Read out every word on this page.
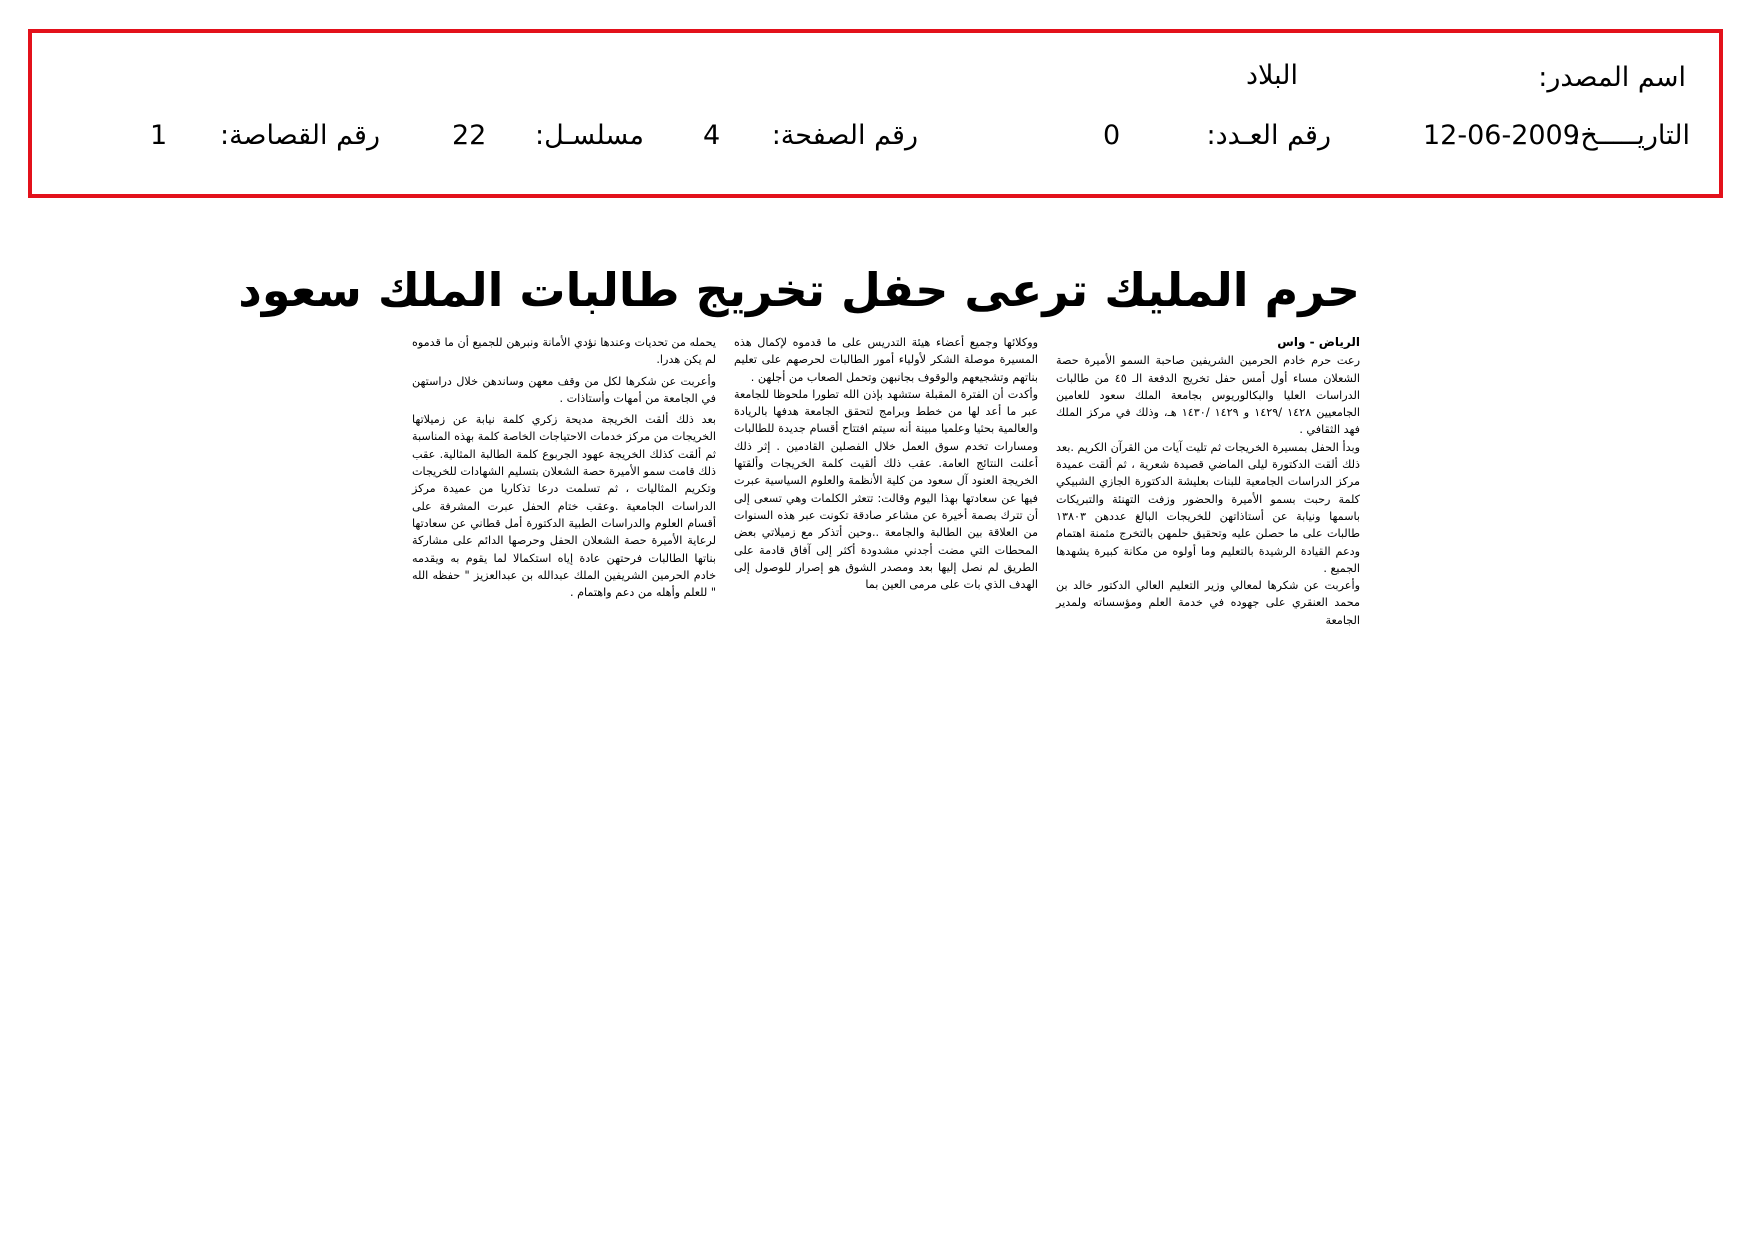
اسم المصدر:
البلاد
التاريـــــخ:
12-06-2009
رقم العـدد:
0
رقم الصفحة:
4
مسلسـل:
22
رقم القصاصة:
1
حرم المليك ترعى حفل تخريج طالبات الملك سعود

الرياض - واس

رعت حرم خادم الحرمين الشريفين صاحبة السمو الأميرة حصة الشعلان مساء أول أمس حفل تخريج الدفعة الـ ٤٥ من طالبات الدراسات العليا والبكالوريوس بجامعة الملك سعود للعامين الجامعيين ١٤٢٨ /١٤٢٩ و ١٤٢٩ /١٤٣٠ هـ، وذلك في مركز الملك فهد الثقافي .

وبدأ الحفل بمسيرة الخريجات ثم تليت آيات من القرآن الكريم .بعد ذلك ألقت الدكتورة ليلى الماضي قصيدة شعرية ، ثم ألقت عميدة مركز الدراسات الجامعية للبنات بعليشة الدكتورة الجازي الشبيكي كلمة رحبت بسمو الأميرة والحضور وزفت التهنئة والتبريكات باسمها ونيابة عن أستاذاتهن للخريجات البالغ عددهن ١٣٨٠٣ طالبات على ما حصلن عليه وتحقيق حلمهن بالتخرج مثمنة اهتمام ودعم القيادة الرشيدة بالتعليم وما أولوه من مكانة كبيرة يشهدها الجميع .

وأعربت عن شكرها لمعالي وزير التعليم العالي الدكتور خالد بن محمد العنقري على جهوده في خدمة العلم ومؤسساته ولمدير الجامعة

ووكلائها وجميع أعضاء هيئة التدريس على ما قدموه لإكمال هذه المسيرة موصلة الشكر لأولياء أمور الطالبات لحرصهم على تعليم بناتهم وتشجيعهم والوقوف بجانبهن وتحمل الصعاب من أجلهن .

وأكدت أن الفترة المقبلة ستشهد بإذن الله تطورا ملحوظا للجامعة عبر ما أعد لها من خطط وبرامج لتحقق الجامعة هدفها بالريادة والعالمية بحثيا وعلميا مبينة أنه سيتم افتتاح أقسام جديدة للطالبات ومسارات تخدم سوق العمل خلال الفصلين القادمين . إثر ذلك أعلنت النتائج العامة. عقب ذلك ألقيت كلمة الخريجات وألقتها الخريجة العنود آل سعود من كلية الأنظمة والعلوم السياسية عبرت فيها عن سعادتها بهذا اليوم وقالت: تتعثر الكلمات وهي تسعى إلى أن تترك بصمة أخيرة عن مشاعر صادقة تكونت عبر هذه السنوات من العلاقة بين الطالبة والجامعة ..وحين أتذكر مع زميلاتي بعض المحطات التي مضت أجدني مشدودة أكثر إلى آفاق قادمة على الطريق لم نصل إليها بعد ومصدر الشوق هو إصرار للوصول إلى الهدف الذي بات على مرمى العين بما

يحمله من تحديات وعندها نؤدي الأمانة ونبرهن للجميع أن ما قدموه لم يكن هدرا.

وأعربت عن شكرها لكل من وقف معهن وساندهن خلال دراستهن في الجامعة من أمهات وأستاذات .

بعد ذلك ألقت الخريجة مديحة زكري كلمة نيابة عن زميلاتها الخريجات من مركز خدمات الاحتياجات الخاصة كلمة بهذه المناسبة ثم ألقت كذلك الخريجة عهود الجربوع كلمة الطالبة المثالية. عقب ذلك قامت سمو الأميرة حصة الشعلان بتسليم الشهادات للخريجات وتكريم المثاليات ، ثم تسلمت درعا تذكاريا من عميدة مركز الدراسات الجامعية .وعقب ختام الحفل عبرت المشرفة على أقسام العلوم والدراسات الطبية الدكتورة أمل قطاني عن سعادتها لرعاية الأميرة حصة الشعلان الحفل وحرصها الدائم على مشاركة بناتها الطالبات فرحتهن عادة إياه استكمالا لما يقوم به ويقدمه خادم الحرمين الشريفين الملك عبدالله بن عبدالعزيز " حفظه الله " للعلم وأهله من دعم واهتمام .
